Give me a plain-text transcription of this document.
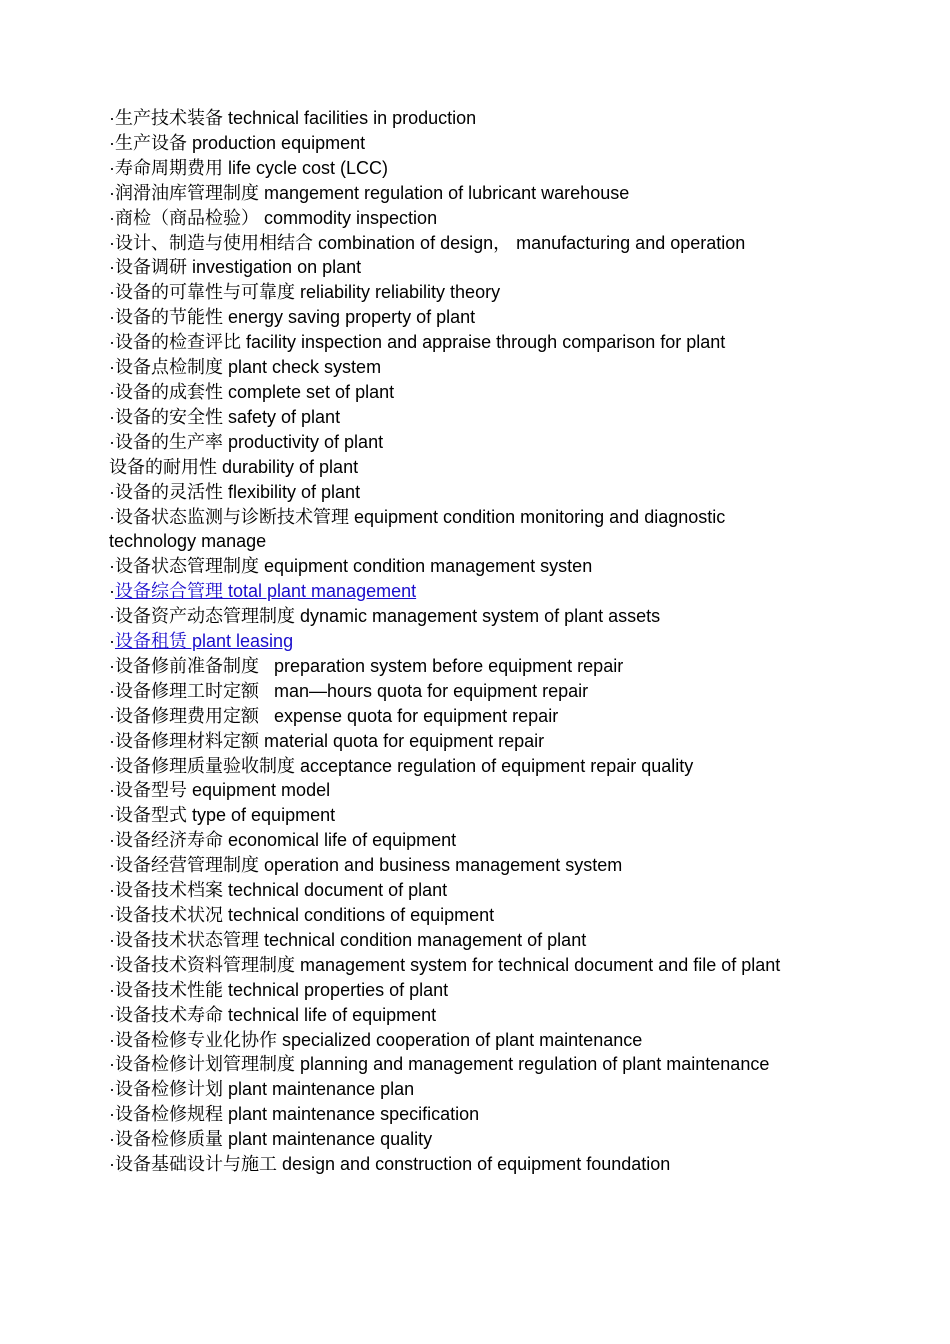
·生产技术装备 technical facilities in production
·生产设备 production equipment
·寿命周期费用 life cycle cost (LCC)
·润滑油库管理制度 mangement regulation of lubricant warehouse
·商检（商品检验） commodity inspection
·设计、制造与使用相结合 combination of design， manufacturing and operation
·设备调研 investigation on plant
·设备的可靠性与可靠度 reliability reliability theory
·设备的节能性 energy saving property of plant
·设备的检查评比 facility inspection and appraise through comparison for plant
·设备点检制度 plant check system
·设备的成套性 complete set of plant
·设备的安全性 safety of plant
·设备的生产率 productivity of plant
设备的耐用性 durability of plant
·设备的灵活性 flexibility of plant
·设备状态监测与诊断技术管理 equipment condition monitoring and diagnostic technology manage
·设备状态管理制度 equipment condition management systen
·设备综合管理 total plant management
·设备资产动态管理制度 dynamic management system of plant assets
·设备租赁 plant leasing
·设备修前准备制度   preparation system before equipment repair
·设备修理工时定额   man—hours quota for equipment repair
·设备修理费用定额   expense quota for equipment repair
·设备修理材料定额 material quota for equipment repair
·设备修理质量验收制度 acceptance regulation of equipment repair quality
·设备型号 equipment model
·设备型式 type of equipment
·设备经济寿命 economical life of equipment
·设备经营管理制度 operation and business management system
·设备技术档案 technical document of plant
·设备技术状况 technical conditions of equipment
·设备技术状态管理 technical condition management of plant
·设备技术资料管理制度 management system for technical document and file of plant
·设备技术性能 technical properties of plant
·设备技术寿命 technical life of equipment
·设备检修专业化协作 specialized cooperation of plant maintenance
·设备检修计划管理制度 planning and management regulation of plant maintenance
·设备检修计划 plant maintenance plan
·设备检修规程 plant maintenance specification
·设备检修质量 plant maintenance quality
·设备基础设计与施工 design and construction of equipment foundation
